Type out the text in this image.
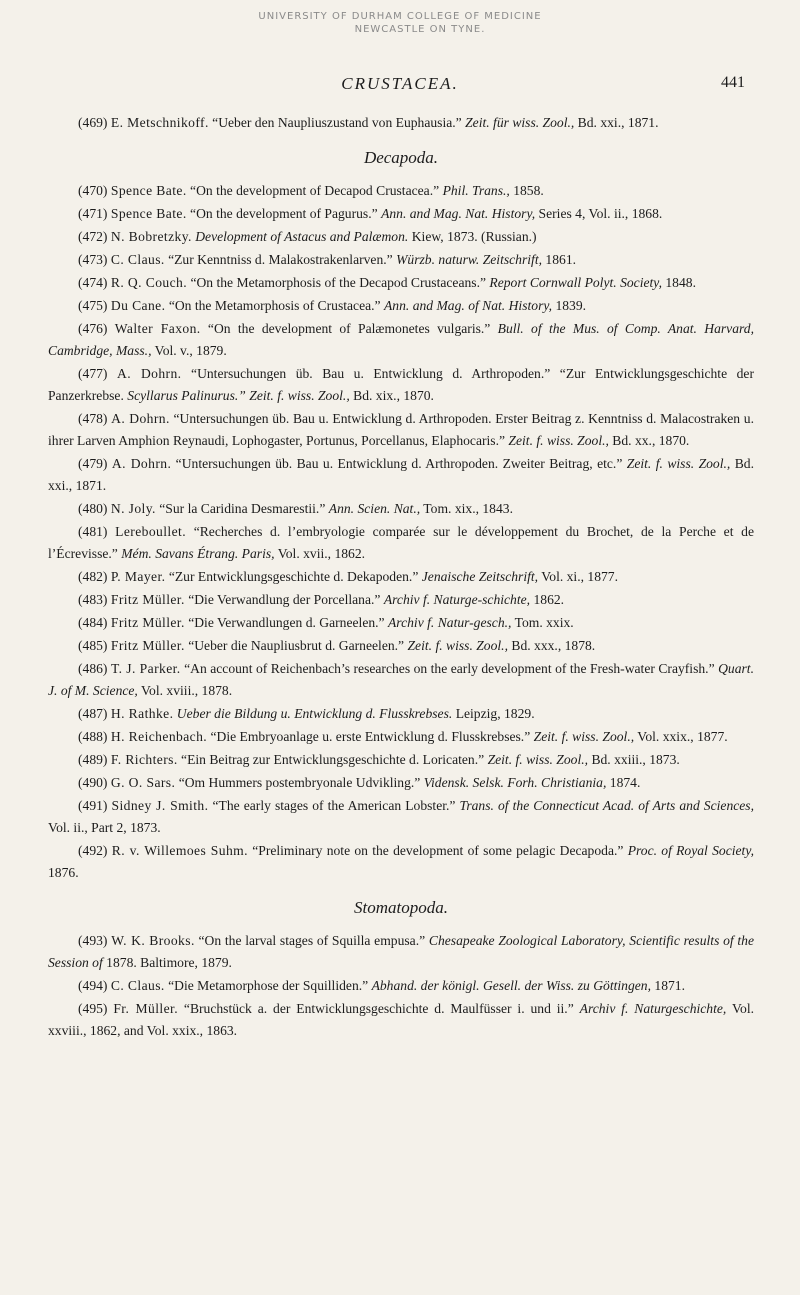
UNIVERSITY OF DURHAM COLLEGE OF MEDICINE
NEWCASTLE ON TYNE.
CRUSTACEA.	441

(469) E. Metschnikoff. “Ueber den Naupliuszustand von Euphausia.” Zeit. für wiss. Zool., Bd. xxi., 1871.

Decapoda.

(470) Spence Bate. “On the development of Decapod Crustacea.” Phil. Trans., 1858.

(471) Spence Bate. “On the development of Pagurus.” Ann. and Mag. Nat. History, Series 4, Vol. ii., 1868.

(472) N. Bobretzky. Development of Astacus and Palæmon. Kiew, 1873. (Russian.)

(473) C. Claus. “Zur Kenntniss d. Malakostrakenlarven.” Würzb. naturw. Zeitschrift, 1861.

(474) R. Q. Couch. “On the Metamorphosis of the Decapod Crustaceans.” Report Cornwall Polyt. Society, 1848.

(475) Du Cane. “On the Metamorphosis of Crustacea.” Ann. and Mag. of Nat. History, 1839.

(476) Walter Faxon. “On the development of Palæmonetes vulgaris.” Bull. of the Mus. of Comp. Anat. Harvard, Cambridge, Mass., Vol. v., 1879.

(477) A. Dohrn. “Untersuchungen üb. Bau u. Entwicklung d. Arthropoden.” “Zur Entwicklungsgeschichte der Panzerkrebse. Scyllarus Palinurus.” Zeit. f. wiss. Zool., Bd. xix., 1870.

(478) A. Dohrn. “Untersuchungen üb. Bau u. Entwicklung d. Arthropoden. Erster Beitrag z. Kenntniss d. Malacostraken u. ihrer Larven Amphion Reynaudi, Lophogaster, Portunus, Porcellanus, Elaphocaris.” Zeit. f. wiss. Zool., Bd. xx., 1870.

(479) A. Dohrn. “Untersuchungen üb. Bau u. Entwicklung d. Arthropoden. Zweiter Beitrag, etc.” Zeit. f. wiss. Zool., Bd. xxi., 1871.

(480) N. Joly. “Sur la Caridina Desmarestii.” Ann. Scien. Nat., Tom. xix., 1843.

(481) Lereboullet. “Recherches d. l’embryologie comparée sur le développement du Brochet, de la Perche et de l’Écrevisse.” Mém. Savans Étrang. Paris, Vol. xvii., 1862.

(482) P. Mayer. “Zur Entwicklungsgeschichte d. Dekapoden.” Jenaische Zeitschrift, Vol. xi., 1877.

(483) Fritz Müller. “Die Verwandlung der Porcellana.” Archiv f. Naturge-schichte, 1862.

(484) Fritz Müller. “Die Verwandlungen d. Garneelen.” Archiv f. Natur-gesch., Tom. xxix.

(485) Fritz Müller. “Ueber die Naupliusbrut d. Garneelen.” Zeit. f. wiss. Zool., Bd. xxx., 1878.

(486) T. J. Parker. “An account of Reichenbach’s researches on the early development of the Fresh-water Crayfish.” Quart. J. of M. Science, Vol. xviii., 1878.

(487) H. Rathke. Ueber die Bildung u. Entwicklung d. Flusskrebses. Leipzig, 1829.

(488) H. Reichenbach. “Die Embryoanlage u. erste Entwicklung d. Flusskrebses.” Zeit. f. wiss. Zool., Vol. xxix., 1877.

(489) F. Richters. “Ein Beitrag zur Entwicklungsgeschichte d. Loricaten.” Zeit. f. wiss. Zool., Bd. xxiii., 1873.

(490) G. O. Sars. “Om Hummers postembryonale Udvikling.” Vidensk. Selsk. Forh. Christiania, 1874.

(491) Sidney J. Smith. “The early stages of the American Lobster.” Trans. of the Connecticut Acad. of Arts and Sciences, Vol. ii., Part 2, 1873.

(492) R. v. Willemoes Suhm. “Preliminary note on the development of some pelagic Decapoda.” Proc. of Royal Society, 1876.

Stomatopoda.

(493) W. K. Brooks. “On the larval stages of Squilla empusa.” Chesapeake Zoological Laboratory, Scientific results of the Session of 1878. Baltimore, 1879.

(494) C. Claus. “Die Metamorphose der Squilliden.” Abhand. der königl. Gesell. der Wiss. zu Göttingen, 1871.

(495) Fr. Müller. “Bruchstück a. der Entwicklungsgeschichte d. Maulfüsser i. und ii.” Archiv f. Naturgeschichte, Vol. xxviii., 1862, and Vol. xxix., 1863.
